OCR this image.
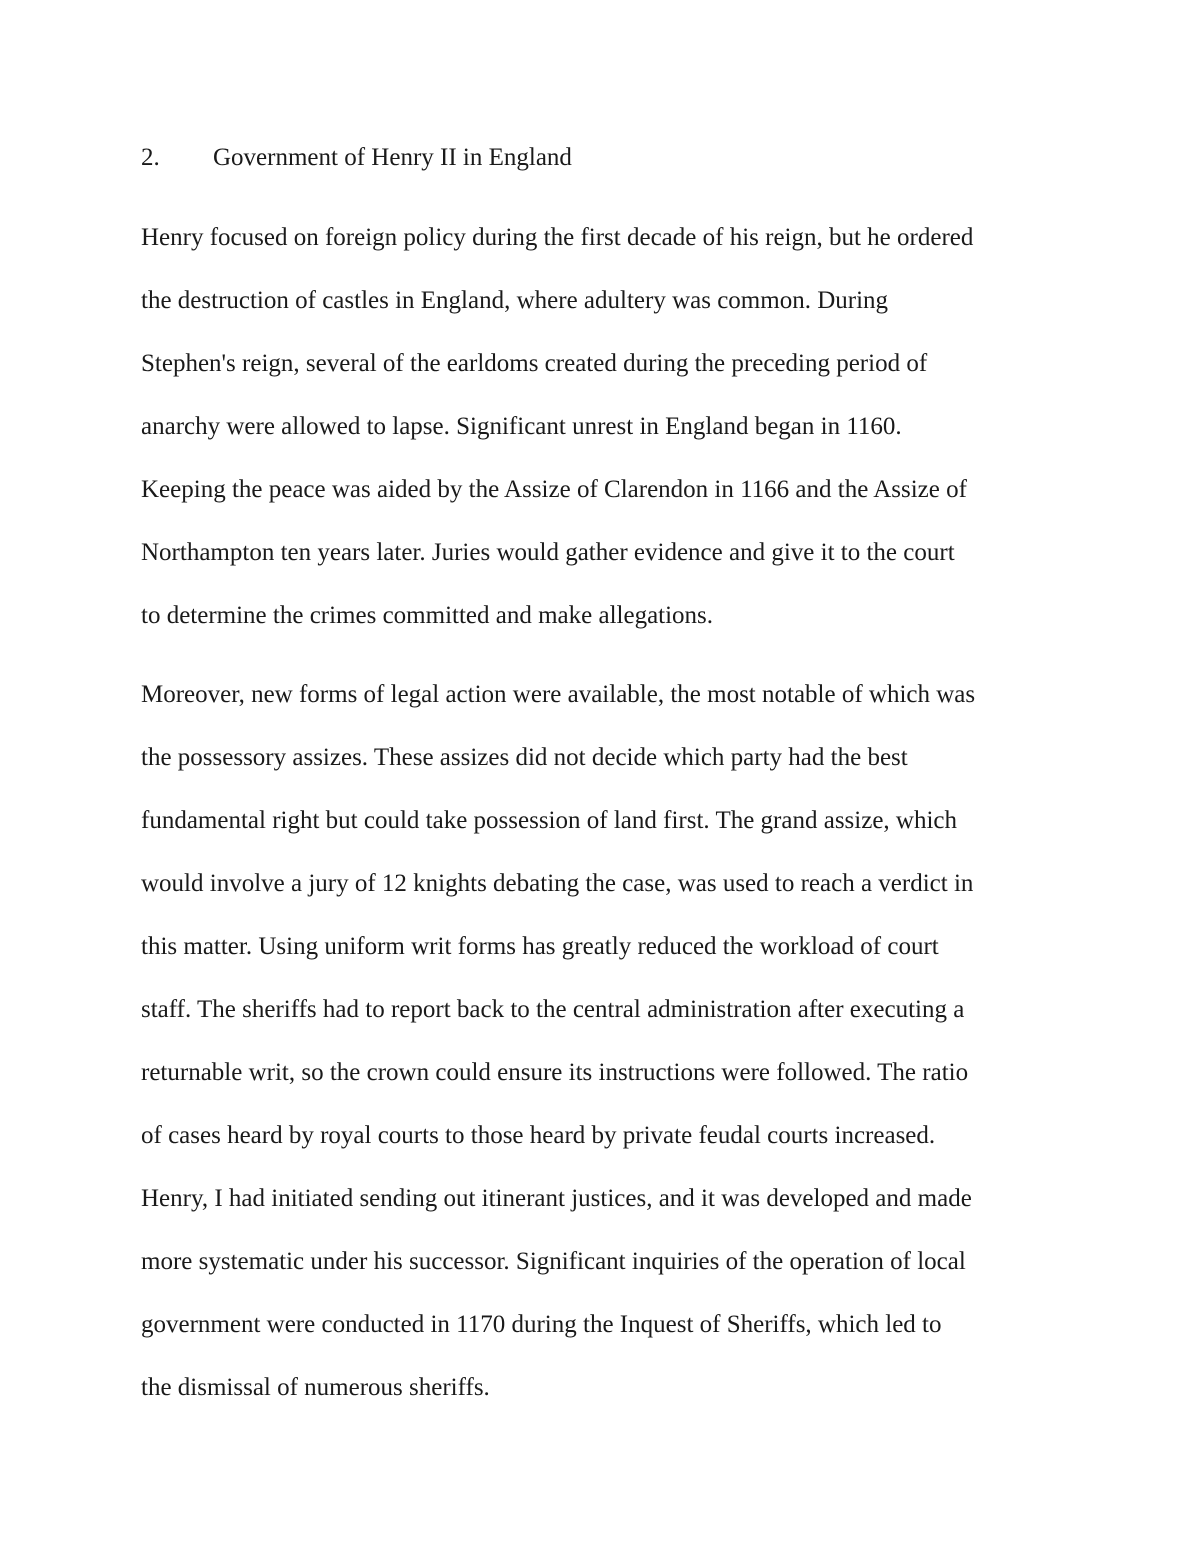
2. Government of Henry II in England
Henry focused on foreign policy during the first decade of his reign, but he ordered
the destruction of castles in England, where adultery was common. During
Stephen's reign, several of the earldoms created during the preceding period of
anarchy were allowed to lapse. Significant unrest in England began in 1160.
Keeping the peace was aided by the Assize of Clarendon in 1166 and the Assize of
Northampton ten years later. Juries would gather evidence and give it to the court
to determine the crimes committed and make allegations.
Moreover, new forms of legal action were available, the most notable of which was
the possessory assizes. These assizes did not decide which party had the best
fundamental right but could take possession of land first. The grand assize, which
would involve a jury of 12 knights debating the case, was used to reach a verdict in
this matter. Using uniform writ forms has greatly reduced the workload of court
staff. The sheriffs had to report back to the central administration after executing a
returnable writ, so the crown could ensure its instructions were followed. The ratio
of cases heard by royal courts to those heard by private feudal courts increased.
Henry, I had initiated sending out itinerant justices, and it was developed and made
more systematic under his successor. Significant inquiries of the operation of local
government were conducted in 1170 during the Inquest of Sheriffs, which led to
the dismissal of numerous sheriffs.
